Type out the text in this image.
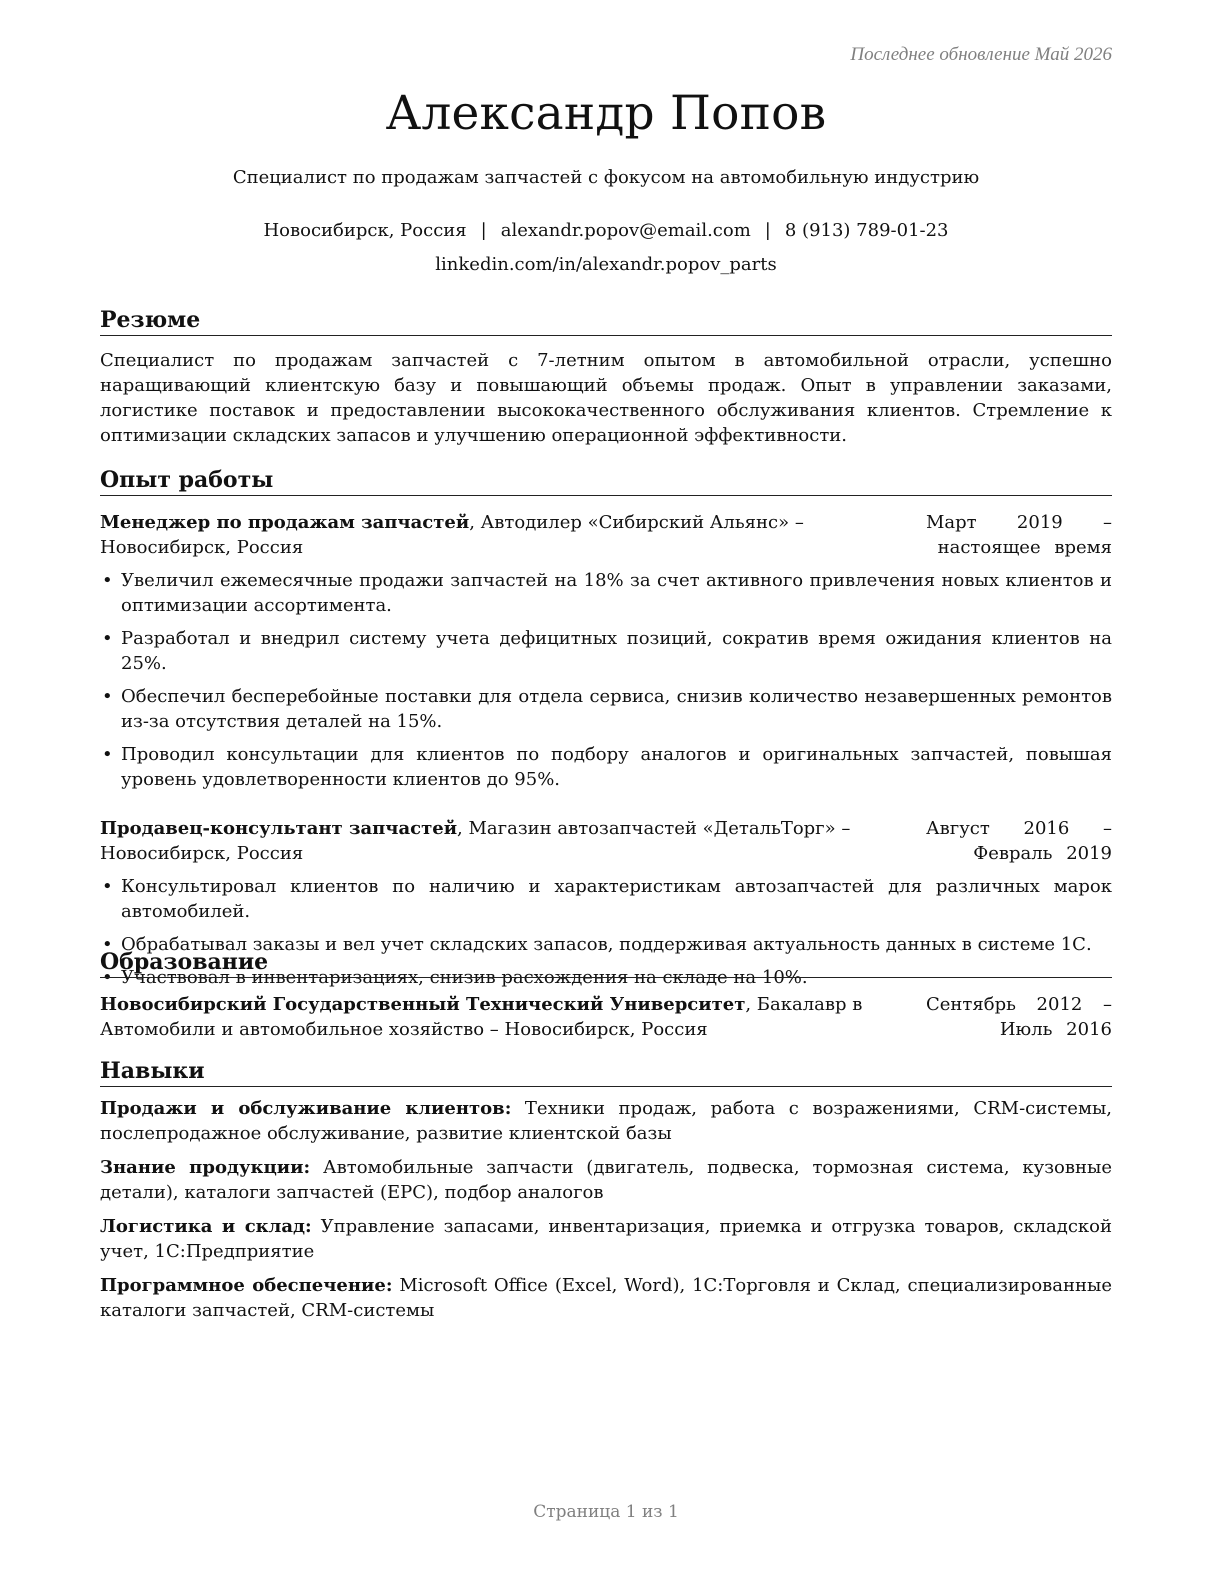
Последнее обновление Май 2026
Александр Попов
Специалист по продажам запчастей с фокусом на автомобильную индустрию
Новосибирск, Россия | alexandr.popov@email.com | 8 (913) 789-01-23
linkedin.com/in/alexandr.popov_parts
Резюме

Специалист по продажам запчастей с 7-летним опытом в автомобильной отрасли, успешно наращивающий клиентскую базу и повышающий объемы продаж. Опыт в управлении заказами, логистике поставок и предоставлении высококачественного обслуживания клиентов. Стремление к оптимизации складских запасов и улучшению операционной эффективности.

Опыт работы
Менеджер по продажам запчастей, Автодилер «Сибирский Альянс» – Новосибирск, Россия
Март 2019 – настоящее время
• Увеличил ежемесячные продажи запчастей на 18% за счет активного привлечения новых клиентов и оптимизации ассортимента.
• Разработал и внедрил систему учета дефицитных позиций, сократив время ожидания клиентов на 25%.
• Обеспечил бесперебойные поставки для отдела сервиса, снизив количество незавершенных ремонтов из-за отсутствия деталей на 15%.
• Проводил консультации для клиентов по подбору аналогов и оригинальных запчастей, повышая уровень удовлетворенности клиентов до 95%.
Продавец-консультант запчастей, Магазин автозапчастей «ДетальТорг» – Новосибирск, Россия
Август 2016 – Февраль 2019
• Консультировал клиентов по наличию и характеристикам автозапчастей для различных марок автомобилей.
• Обрабатывал заказы и вел учет складских запасов, поддерживая актуальность данных в системе 1С.
• Участвовал в инвентаризациях, снизив расхождения на складе на 10%.
Образование
Новосибирский Государственный Технический Университет, Бакалавр в Автомобили и автомобильное хозяйство – Новосибирск, Россия
Сентябрь 2012 – Июль 2016
Навыки
Продажи и обслуживание клиентов: Техники продаж, работа с возражениями, CRM-системы, послепродажное обслуживание, развитие клиентской базы
Знание продукции: Автомобильные запчасти (двигатель, подвеска, тормозная система, кузовные детали), каталоги запчастей (EPC), подбор аналогов
Логистика и склад: Управление запасами, инвентаризация, приемка и отгрузка товаров, складской учет, 1С:Предприятие
Программное обеспечение: Microsoft Office (Excel, Word), 1С:Торговля и Склад, специализированные каталоги запчастей, CRM-системы
Страница 1 из 1
